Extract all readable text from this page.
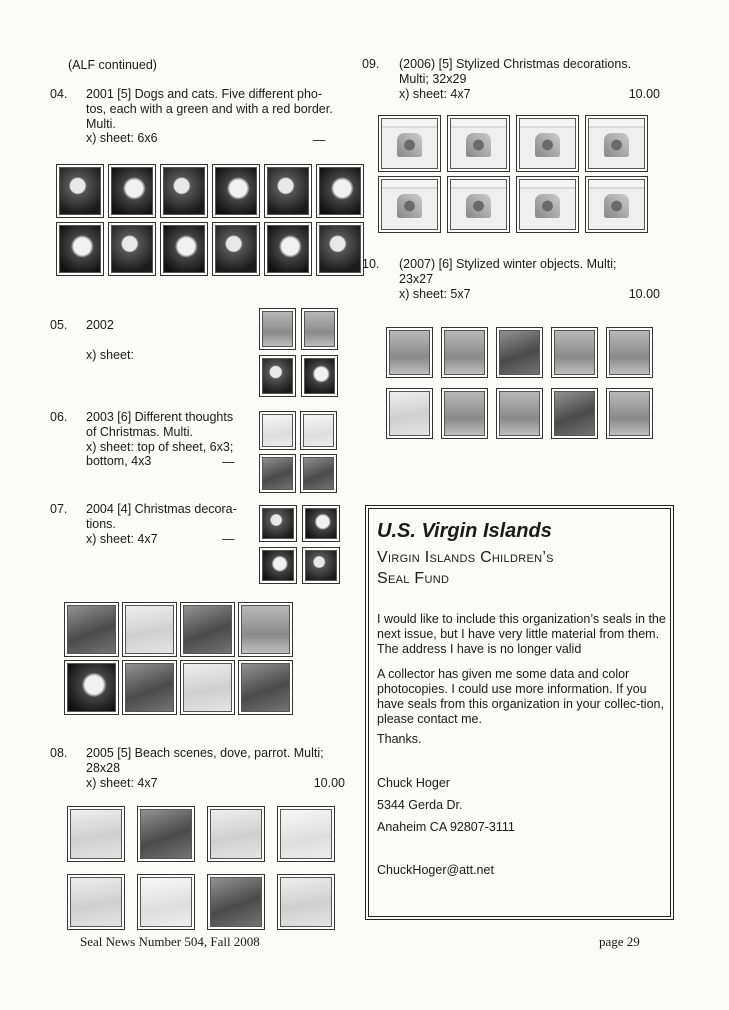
(ALF continued)
04. 2001 [5] Dogs and cats. Five different pho-
tos, each with a green and with a red border.
Multi.
x) sheet: 6x6	—
05. 2002
x) sheet:
06. 2003 [6] Different thoughts
of Christmas. Multi.
x) sheet: top of sheet, 6x3;
bottom, 4x3	—
07. 2004 [4] Christmas decora-
tions.
x) sheet: 4x7	—
08. 2005 [5] Beach scenes, dove, parrot. Multi;
28x28
x) sheet: 4x7	10.00
09. (2006) [5] Stylized Christmas decorations.
Multi; 32x29
x) sheet: 4x7	10.00
10. (2007) [6] Stylized winter objects. Multi;
23x27
x) sheet: 5x7	10.00
U.S. Virgin Islands
Virgin Islands Children’s
Seal Fund
I would like to include this organization’s seals in the next issue, but I have very little material from them. The address I have is no longer valid
A collector has given me some data and color photocopies. I could use more information. If you have seals from this organization in your collec-tion, please contact me.
Thanks.
Chuck Hoger
5344 Gerda Dr.
Anaheim CA 92807-3111
ChuckHoger@att.net
Seal News Number 504, Fall 2008	page 29
